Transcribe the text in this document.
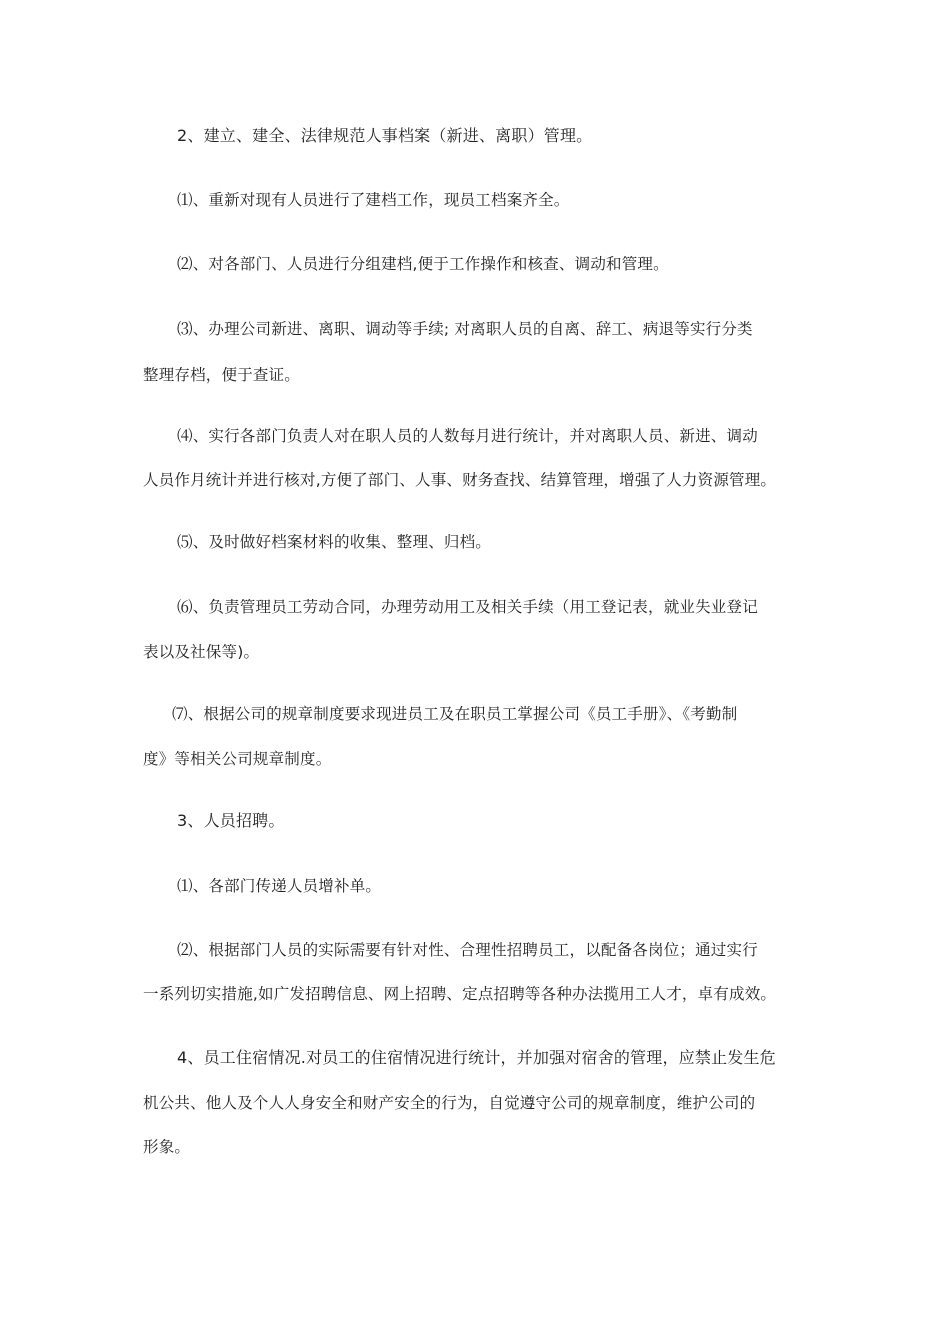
2、建立、建全、法律规范人事档案（新进、离职）管理。
⑴、重新对现有人员进行了建档工作，现员工档案齐全。
⑵、对各部门、人员进行分组建档,便于工作操作和核查、调动和管理。
⑶、办理公司新进、离职、调动等手续; 对离职人员的自离、辞工、病退等实行分类
整理存档，便于查证。
⑷、实行各部门负责人对在职人员的人数每月进行统计，并对离职人员、新进、调动
人员作月统计并进行核对,方便了部门、人事、财务查找、结算管理，增强了人力资源管理。
⑸、及时做好档案材料的收集、整理、归档。
⑹、负责管理员工劳动合同，办理劳动用工及相关手续（用工登记表，就业失业登记
表以及社保等)。
⑺、根据公司的规章制度要求现进员工及在职员工掌握公司《员工手册》、《考勤制
度》等相关公司规章制度。
3、人员招聘。
⑴、各部门传递人员增补单。
⑵、根据部门人员的实际需要有针对性、合理性招聘员工，以配备各岗位；通过实行
一系列切实措施,如广发招聘信息、网上招聘、定点招聘等各种办法揽用工人才，卓有成效。
4、员工住宿情况.对员工的住宿情况进行统计，并加强对宿舍的管理，应禁止发生危
机公共、他人及个人人身安全和财产安全的行为，自觉遵守公司的规章制度，维护公司的
形象。
